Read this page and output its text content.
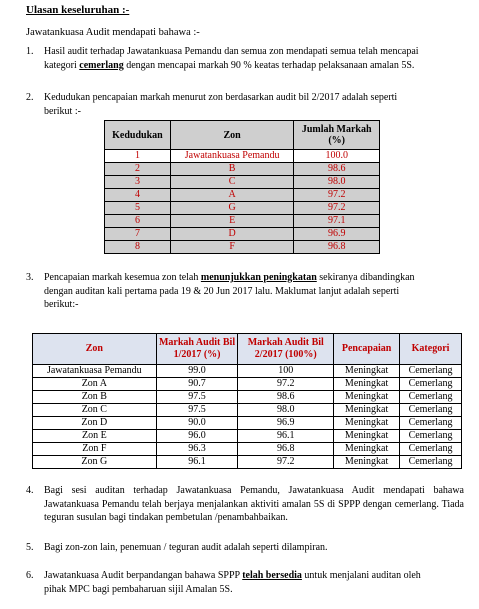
Ulasan keseluruhan :-
Jawatankuasa Audit mendapati bahawa :-
1.	Hasil audit terhadap Jawatankuasa Pemandu dan semua zon mendapati semua telah mencapai
kategori cemerlang dengan mencapai markah 90 % keatas terhadap pelaksanaan amalan 5S.
2.	Kedudukan pencapaian markah menurut zon berdasarkan audit bil 2/2017 adalah seperti
berikut :-
Kedudukan	Zon	Jumlah Markah (%)
1	Jawatankuasa Pemandu	100.0
2	B	98.6
3	C	98.0
4	A	97.2
5	G	97.2
6	E	97.1
7	D	96.9
8	F	96.8
3.	Pencapaian markah kesemua zon telah menunjukkan peningkatan sekiranya dibandingkan
dengan auditan kali pertama pada 19 & 20 Jun 2017 lalu. Maklumat lanjut adalah seperti
berikut:-
Zon	Markah Audit Bil 1/2017 (%)	Markah Audit Bil 2/2017 (100%)	Pencapaian	Kategori
Jawatankuasa Pemandu	99.0	100	Meningkat	Cemerlang
Zon A	90.7	97.2	Meningkat	Cemerlang
Zon B	97.5	98.6	Meningkat	Cemerlang
Zon C	97.5	98.0	Meningkat	Cemerlang
Zon D	90.0	96.9	Meningkat	Cemerlang
Zon E	96.0	96.1	Meningkat	Cemerlang
Zon F	96.3	96.8	Meningkat	Cemerlang
Zon G	96.1	97.2	Meningkat	Cemerlang
4.	Bagi sesi auditan terhadap Jawatankuasa Pemandu, Jawatankuasa Audit mendapati bahawa Jawatankuasa Pemandu telah berjaya menjalankan aktiviti amalan 5S di SPPP dengan cemerlang. Tiada teguran susulan bagi tindakan pembetulan /penambahbaikan.
5.	Bagi zon-zon lain, penemuan / teguran audit adalah seperti dilampiran.
6.	Jawatankuasa Audit berpandangan bahawa SPPP telah bersedia untuk menjalani auditan oleh
pihak MPC bagi pembaharuan sijil Amalan 5S.
